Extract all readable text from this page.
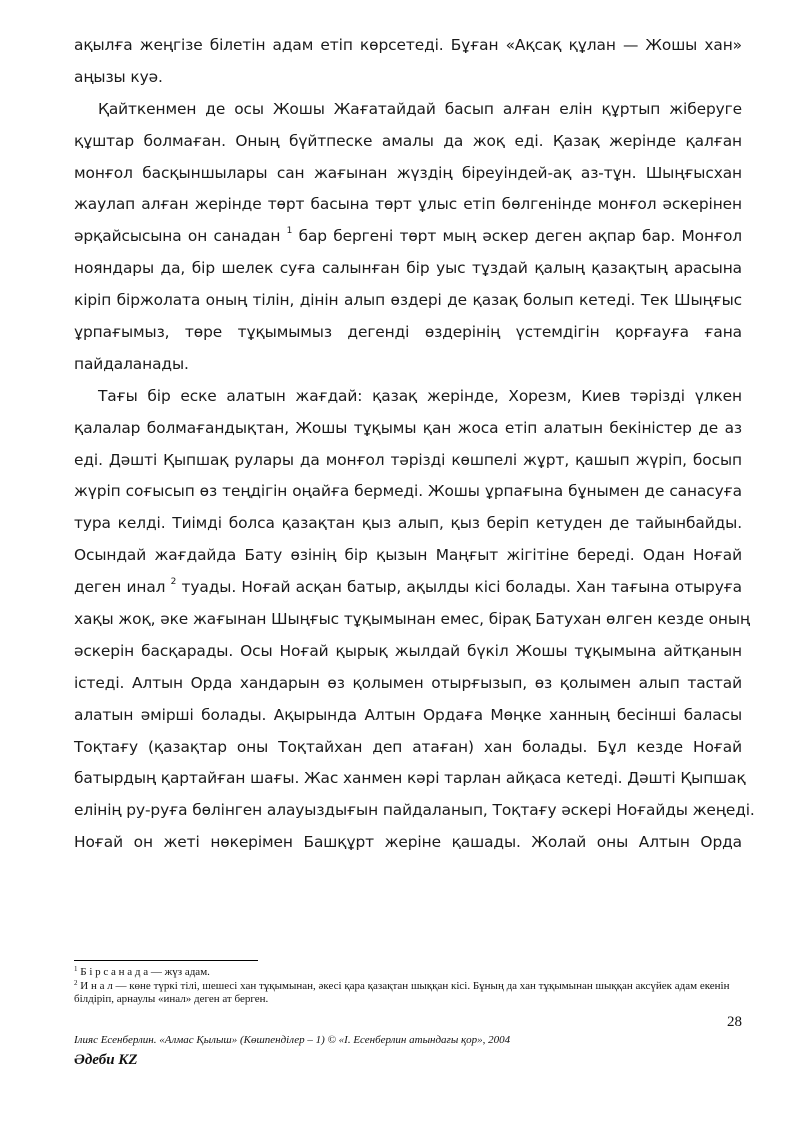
ақылға жеңгізе білетін адам етіп көрсетеді. Бұған «Ақсақ құлан — Жошы хан»
аңызы куә.
Қайткенмен де осы Жошы Жағатайдай басып алған елін құртып жіберуге
құштар болмаған. Оның бүйтпеске амалы да жоқ еді. Қазақ жерінде қалған
монғол басқыншылары сан жағынан жүздің біреуіндей-ақ аз-тұн. Шыңғысхан
жаулап алған жерінде төрт басына төрт ұлыс етіп бөлгенінде монғол әскерінен
әрқайсысына он санадан $^1$ бар бергені төрт мың әскер деген ақпар бар. Монғол
нояндары да, бір шелек суға салынған бір уыс тұздай қалың қазақтың арасына
кіріп біржолата оның тілін, дінін алып өздері де қазақ болып кетеді. Тек Шыңғыс
ұрпағымыз, төре тұқымымыз дегенді өздерінің үстемдігін қорғауға ғана
пайдаланады.
Тағы бір еске алатын жағдай: қазақ жерінде, Хорезм, Киев тәрізді үлкен
қалалар болмағандықтан, Жошы тұқымы қан жоса етіп алатын бекіністер де аз
еді. Дәшті Қыпшақ рулары да монғол тәрізді көшпелі жұрт, қашып жүріп, босып
жүріп соғысып өз теңдігін оңайға бермеді. Жошы ұрпағына бұнымен де санасуға
тура келді. Тиімді болса қазақтан қыз алып, қыз беріп кетуден де тайынбайды.
Осындай жағдайда Бату өзінің бір қызын Маңғыт жігітіне береді. Одан Ноғай
деген инал $^2$ туады. Ноғай асқан батыр, ақылды кісі болады. Хан тағына отыруға
хақы жоқ, әке жағынан Шыңғыс тұқымынан емес, бірақ Батухан өлген кезде оның
әскерін басқарады. Осы Ноғай қырық жылдай бүкіл Жошы тұқымына айтқанын
істеді. Алтын Орда хандарын өз қолымен отырғызып, өз қолымен алып тастай
алатын әмірші болады. Ақырында Алтын Ордаға Мөңке ханның бесінші баласы
Тоқтағу (қазақтар оны Тоқтайхан деп атаған) хан болады. Бұл кезде Ноғай
батырдың қартайған шағы. Жас ханмен кәрі тарлан айқаса кетеді. Дәшті Қыпшақ
елінің ру-руға бөлінген алауыздығын пайдаланып, Тоқтағу әскері Ноғайды жеңеді.
Ноғай он жеті нөкерімен Башқұрт жеріне қашады. Жолай оны Алтын Орда
$^1$ Б і р с а н а д а — жүз адам.
$^2$ И н а л — көне түркі тілі, шешесі хан тұқымынан, әкесі қара қазақтан шыққан кісі. Бұның да хан тұқымынан шыққан аксүйек адам екенін білдіріп, арнаулы «инал» деген ат берген.
28
Ілияс Есенберлин. «Алмас Қылыш» (Көшпенділер – 1) © «І. Есенберлин атындағы қор», 2004
Әдеби KZ
